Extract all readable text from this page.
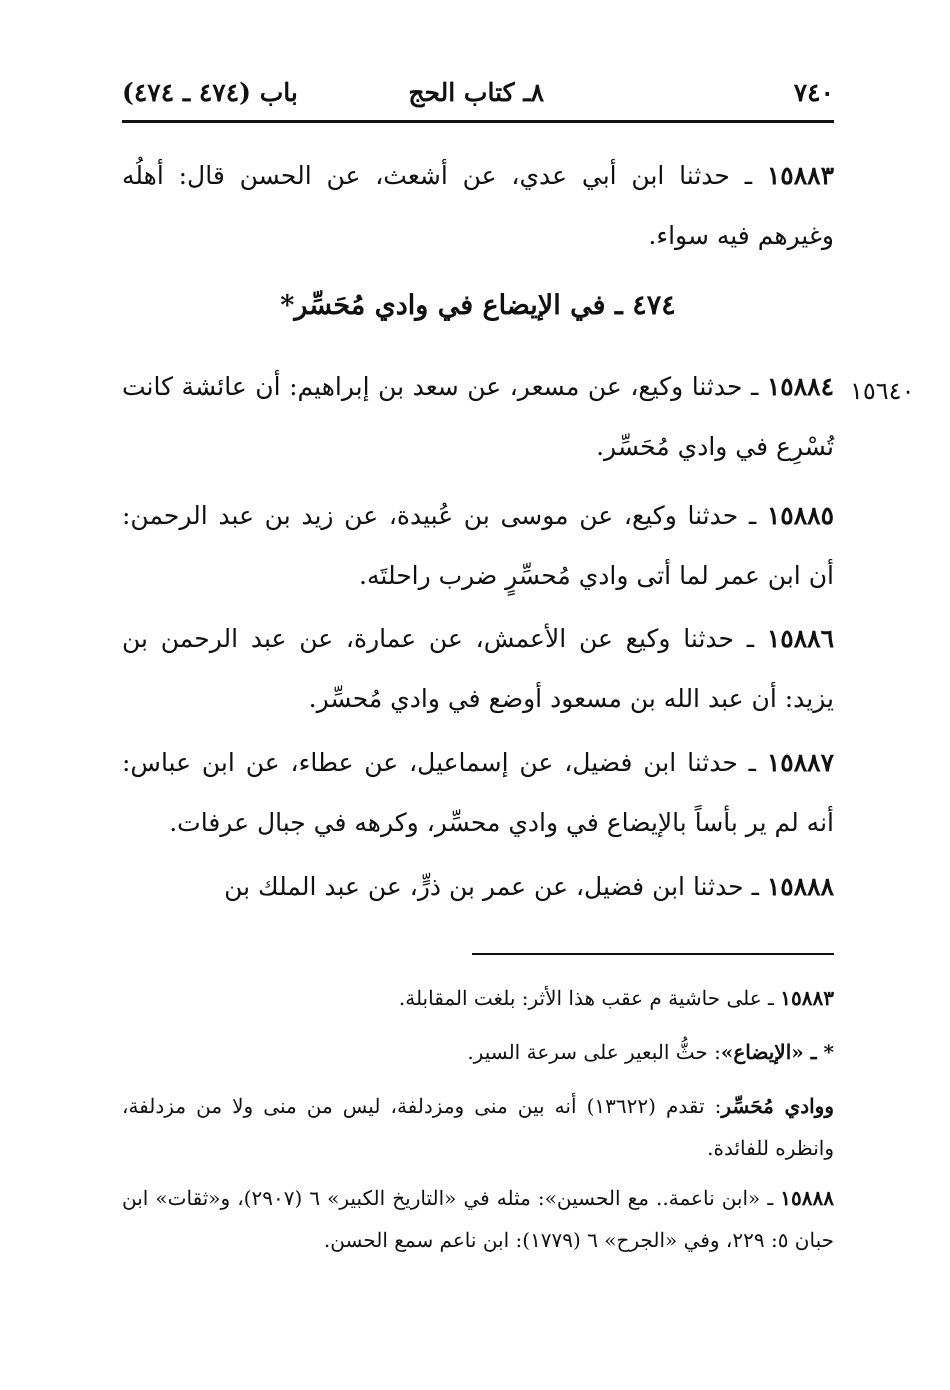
٧٤٠
٨ـ كتاب الحج
باب (٤٧٤ ـ ٤٧٤)
١٥٨٨٣ ـ حدثنا ابن أبي عدي، عن أشعث، عن الحسن قال: أهلُه وغيرهم فيه سواء.
٤٧٤ ـ في الإيضاع في وادي مُحَسِّر*
١٥٦٤٠
١٥٨٨٤ ـ حدثنا وكيع، عن مسعر، عن سعد بن إبراهيم: أن عائشة كانت تُسْرِع في وادي مُحَسِّر.
١٥٨٨٥ ـ حدثنا وكيع، عن موسى بن عُبيدة، عن زيد بن عبد الرحمن: أن ابن عمر لما أتى وادي مُحسِّرٍ ضرب راحلتَه.
١٥٨٨٦ ـ حدثنا وكيع عن الأعمش، عن عمارة، عن عبد الرحمن بن يزيد: أن عبد الله بن مسعود أوضع في وادي مُحسِّر.
١٥٨٨٧ ـ حدثنا ابن فضيل، عن إسماعيل، عن عطاء، عن ابن عباس: أنه لم ير بأساً بالإيضاع في وادي محسِّر، وكرهه في جبال عرفات.
١٥٨٨٨ ـ حدثنا ابن فضيل، عن عمر بن ذرٍّ، عن عبد الملك بن
١٥٨٨٣ ـ على حاشية م عقب هذا الأثر: بلغت المقابلة.
* ـ «الإيضاع»: حثُّ البعير على سرعة السير.
ووادي مُحَسِّر: تقدم (١٣٦٢٢) أنه بين منى ومزدلفة، ليس من منى ولا من مزدلفة، وانظره للفائدة.
١٥٨٨٨ ـ «ابن ناعمة.. مع الحسين»: مثله في «التاريخ الكبير» ٦ (٢٩٠٧)، و«ثقات» ابن حبان ٥: ٢٢٩، وفي «الجرح» ٦ (١٧٧٩): ابن ناعم سمع الحسن.
